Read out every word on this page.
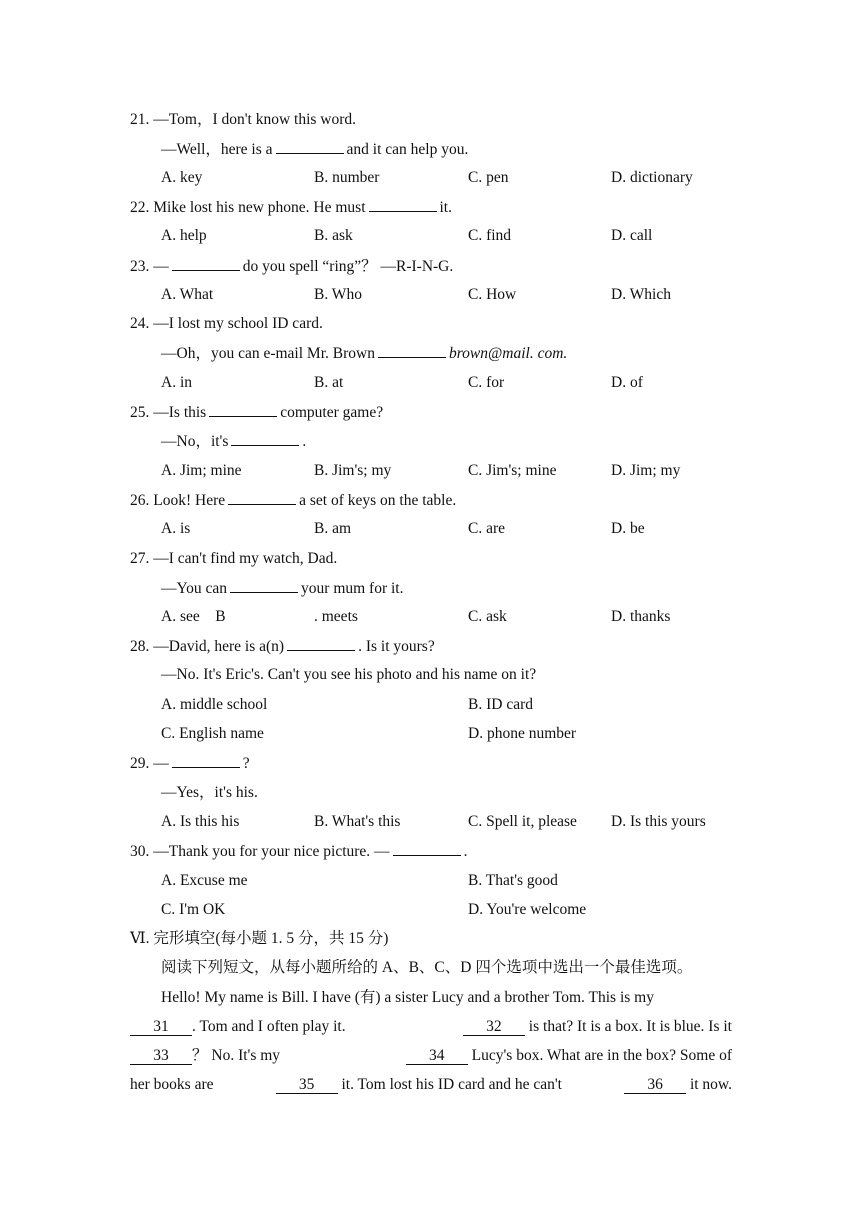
21. —Tom，I don't know this word.
—Well，here is a	and it can help you.
A. key	B. number	C. pen	D. dictionary
22. Mike lost his new phone. He must	it.
A. help	B. ask	C. find	D. call
23. —	do you spell “ring”？ —R-I-N-G.
A. What	B. Who	C. How	D. Which
24. —I lost my school ID card.
—Oh，you can e-mail Mr. Brown	brown@mail. com.
A. in	B. at	C. for	D. of
25. —Is this	computer game?
—No，it's	.
A. Jim; mine	B. Jim's; my	C. Jim's; mine	D. Jim; my
26. Look! Here	a set of keys on the table.
A. is	B. am	C. are	D. be
27. —I can't find my watch, Dad.
—You can	your mum for it.
A. see　B	. meets	C. ask	D. thanks
28. —David, here is a(n)	. Is it yours?
—No. It's Eric's. Can't you see his photo and his name on it?
A. middle school	B. ID card
C. English name	D. phone number
29. —	?
—Yes，it's his.
A. Is this his	B. What's this	C. Spell it, please D. Is this yours
30. —Thank you for your nice picture. —	.
A. Excuse me	B. That's good
C. I'm OK	D. You're welcome
Ⅵ. 完形填空(每小题 1. 5 分，共 15 分)
阅读下列短文，从每小题所给的 A、B、C、D 四个选项中选出一个最佳选项。
Hello! My name is Bill. I have (有) a sister Lucy and a brother Tom. This is my
31 . Tom and I often play it.	32 is that? It is a box. It is blue. Is it
33 ？ No. It's my	34 Lucy's box. What are in the box? Some of
her books are	35 it. Tom lost his ID card and he can't	36 it now.
